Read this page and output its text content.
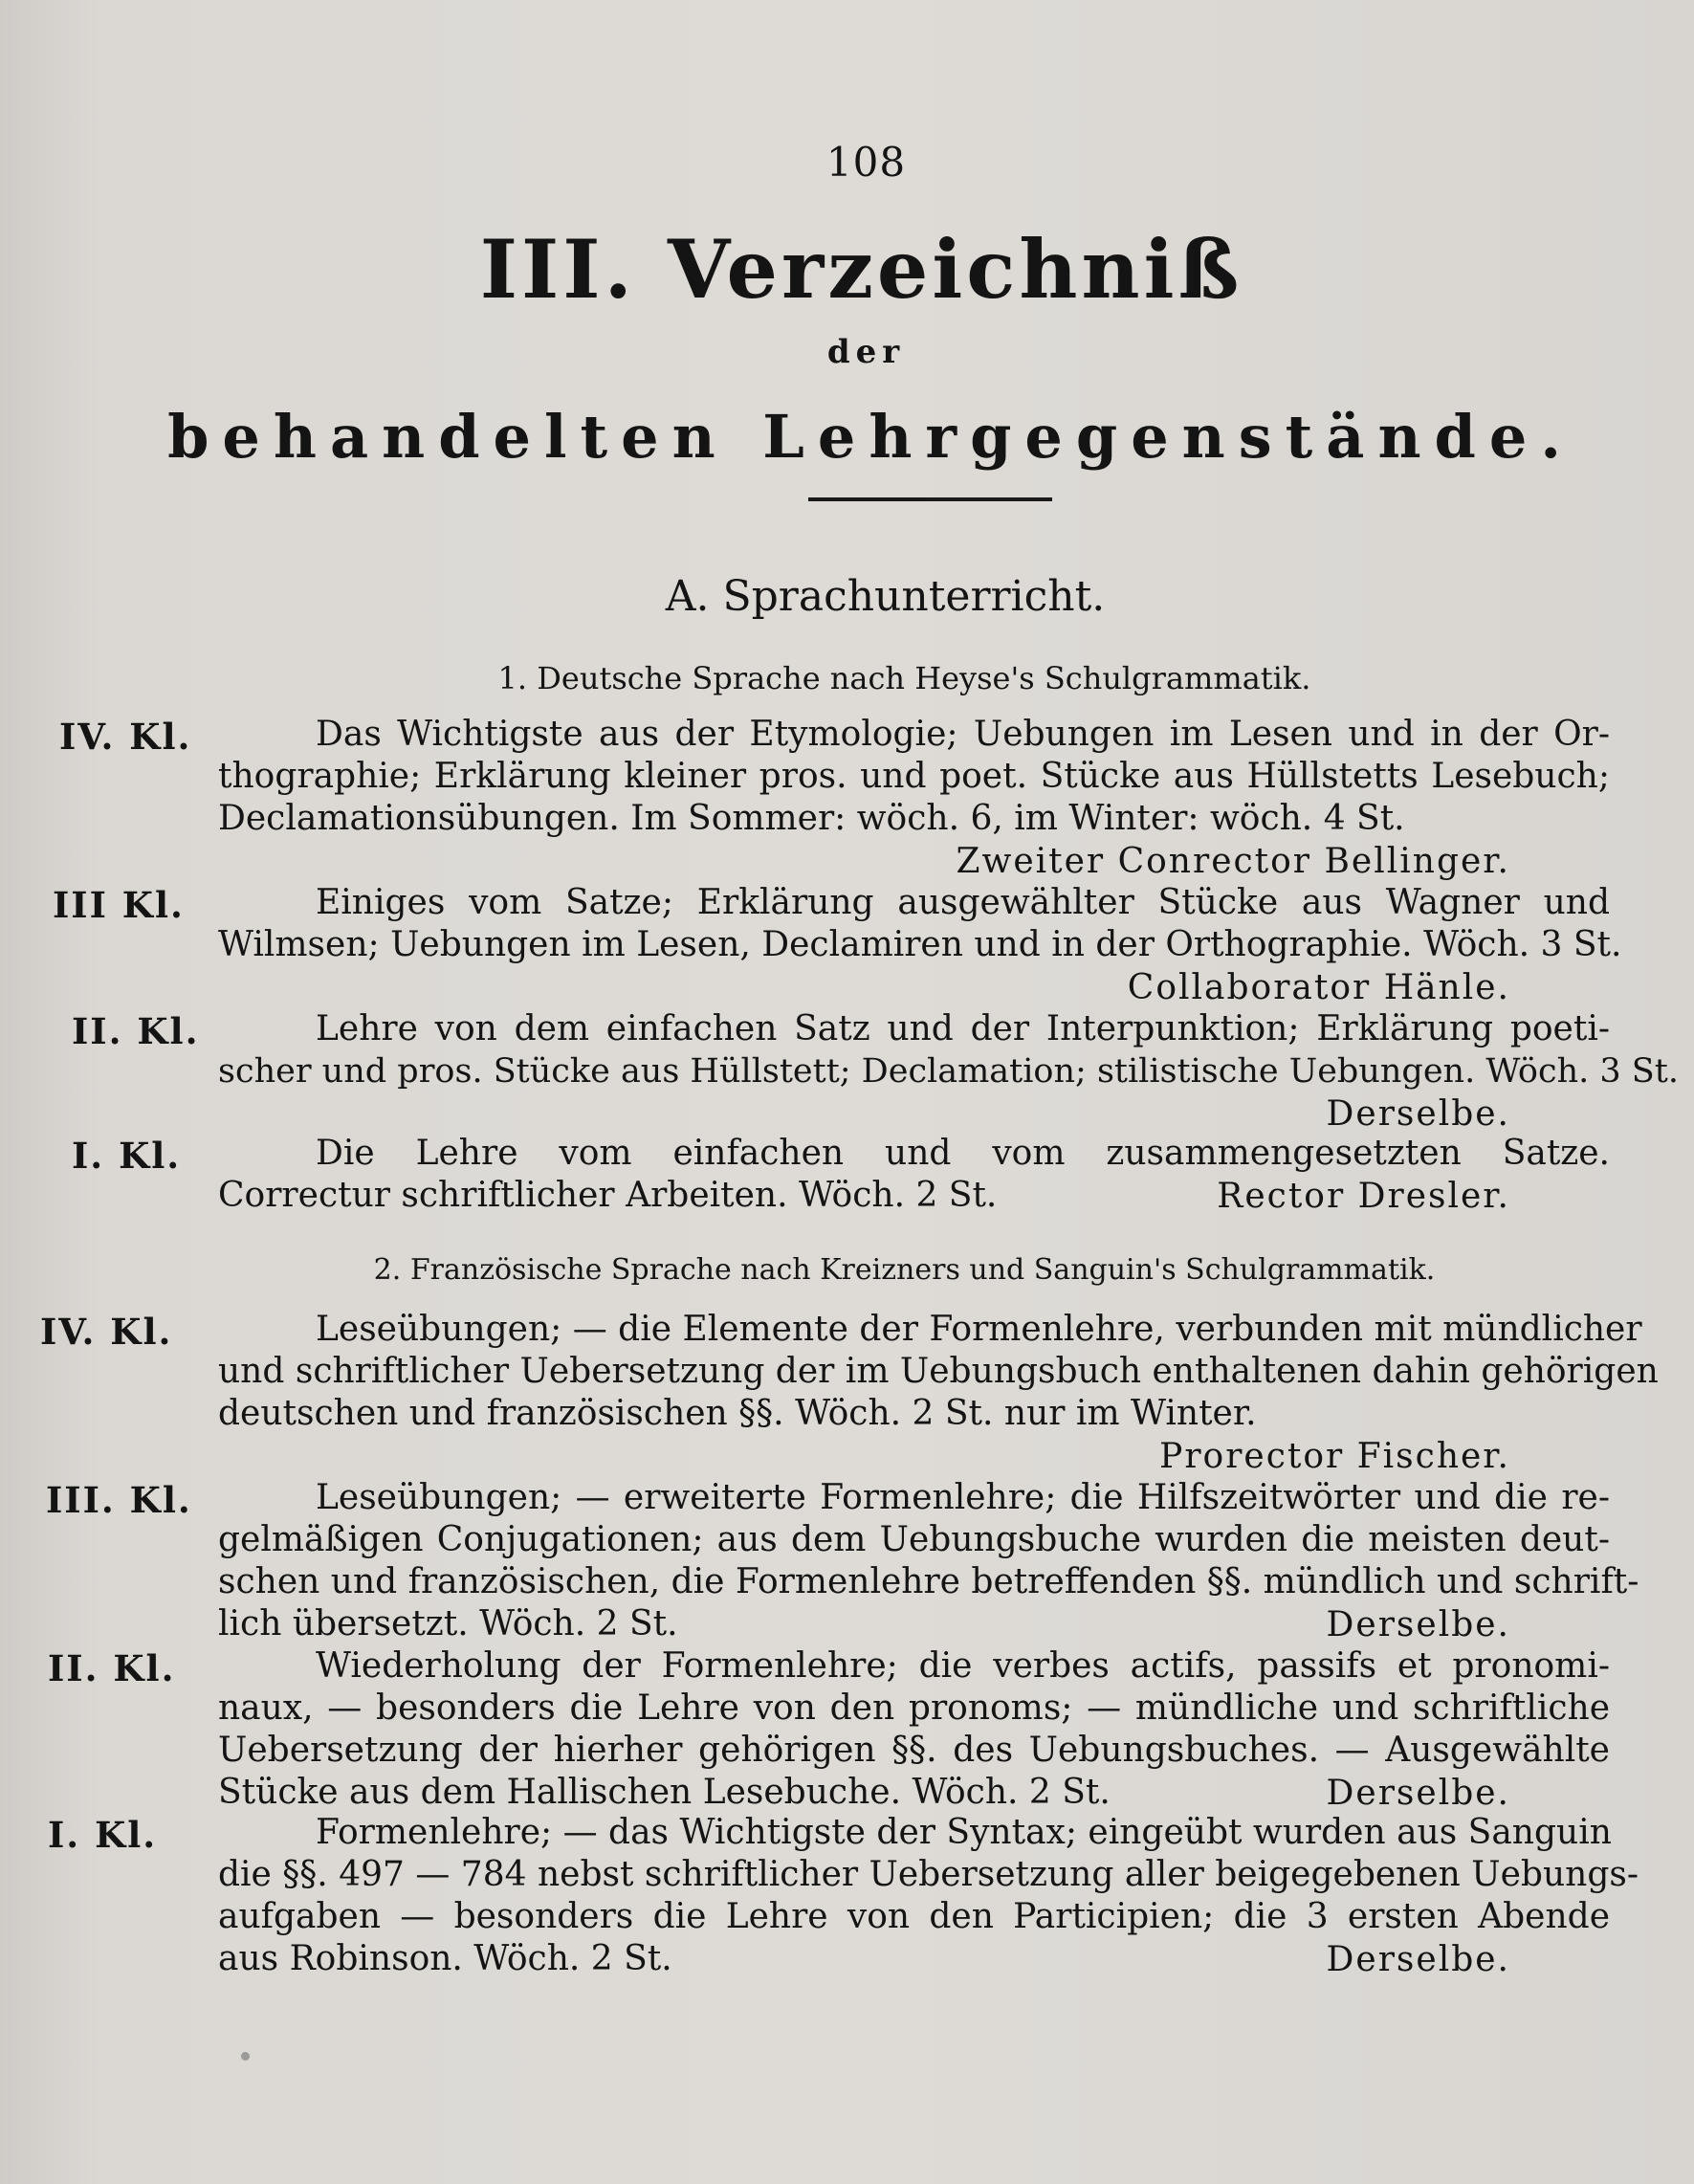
108
III. Verzeichniß
der
behandelten Lehrgegenstände.
A. Sprachunterricht.
1. Deutsche Sprache nach Heyse's Schulgrammatik.
IV. Kl.	Das Wichtigste aus der Etymologie; Uebungen im Lesen und in der Or-
thographie; Erklärung kleiner pros. und poet. Stücke aus Hüllstetts Lesebuch;
Declamationsübungen. Im Sommer: wöch. 6, im Winter: wöch. 4 St.
Zweiter Conrector Bellinger.
III Kl.	Einiges vom Satze; Erklärung ausgewählter Stücke aus Wagner und
Wilmsen; Uebungen im Lesen, Declamiren und in der Orthographie. Wöch. 3 St.
Collaborator Hänle.
II. Kl.	Lehre von dem einfachen Satz und der Interpunktion; Erklärung poeti-
scher und pros. Stücke aus Hüllstett; Declamation; stilistische Uebungen. Wöch. 3 St.
Derselbe.
I. Kl.	Die Lehre vom einfachen und vom zusammengesetzten Satze.
Correctur schriftlicher Arbeiten. Wöch. 2 St.	Rector Dresler.
2. Französische Sprache nach Kreizners und Sanguin's Schulgrammatik.
IV. Kl.	Leseübungen; — die Elemente der Formenlehre, verbunden mit mündlicher
und schriftlicher Uebersetzung der im Uebungsbuch enthaltenen dahin gehörigen
deutschen und französischen §§. Wöch. 2 St. nur im Winter.
Prorector Fischer.
III. Kl.	Leseübungen; — erweiterte Formenlehre; die Hilfszeitwörter und die re-
gelmäßigen Conjugationen; aus dem Uebungsbuche wurden die meisten deut-
schen und französischen, die Formenlehre betreffenden §§. mündlich und schrift-
lich übersetzt. Wöch. 2 St.	Derselbe.
II. Kl.	Wiederholung der Formenlehre; die verbes actifs, passifs et pronomi-
naux, — besonders die Lehre von den pronoms; — mündliche und schriftliche
Uebersetzung der hierher gehörigen §§. des Uebungsbuches. — Ausgewählte
Stücke aus dem Hallischen Lesebuche. Wöch. 2 St.	Derselbe.
I. Kl.	Formenlehre; — das Wichtigste der Syntax; eingeübt wurden aus Sanguin
die §§. 497 — 784 nebst schriftlicher Uebersetzung aller beigegebenen Uebungs-
aufgaben — besonders die Lehre von den Participien; die 3 ersten Abende
aus Robinson. Wöch. 2 St.	Derselbe.
